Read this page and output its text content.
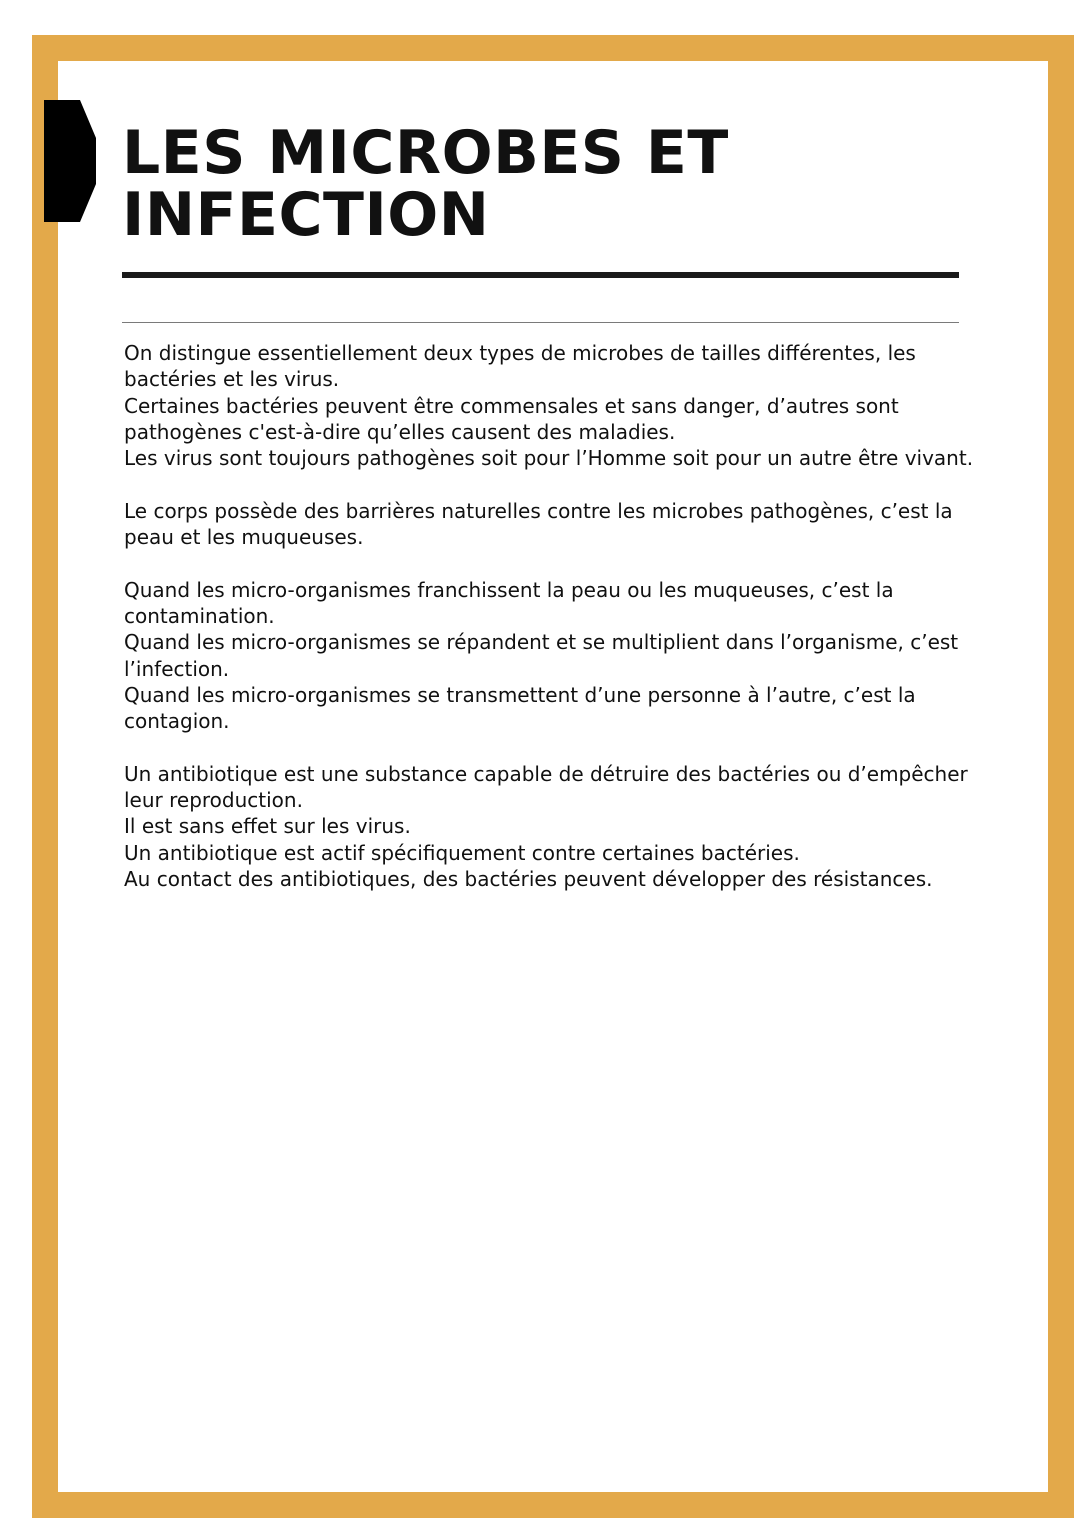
LES MICROBES ET
INFECTION

On distingue essentiellement deux types de microbes de tailles différentes, les
bactéries et les virus.
Certaines bactéries peuvent être commensales et sans danger, d’autres sont
pathogènes c'est-à-dire qu’elles causent des maladies.
Les virus sont toujours pathogènes soit pour l’Homme soit pour un autre être vivant.

Le corps possède des barrières naturelles contre les microbes pathogènes, c’est la
peau et les muqueuses.

Quand les micro-organismes franchissent la peau ou les muqueuses, c’est la
contamination.
Quand les micro-organismes se répandent et se multiplient dans l’organisme, c’est
l’infection.
Quand les micro-organismes se transmettent d’une personne à l’autre, c’est la
contagion.

Un antibiotique est une substance capable de détruire des bactéries ou d’empêcher
leur reproduction.
Il est sans effet sur les virus.
Un antibiotique est actif spécifiquement contre certaines bactéries.
Au contact des antibiotiques, des bactéries peuvent développer des résistances.
